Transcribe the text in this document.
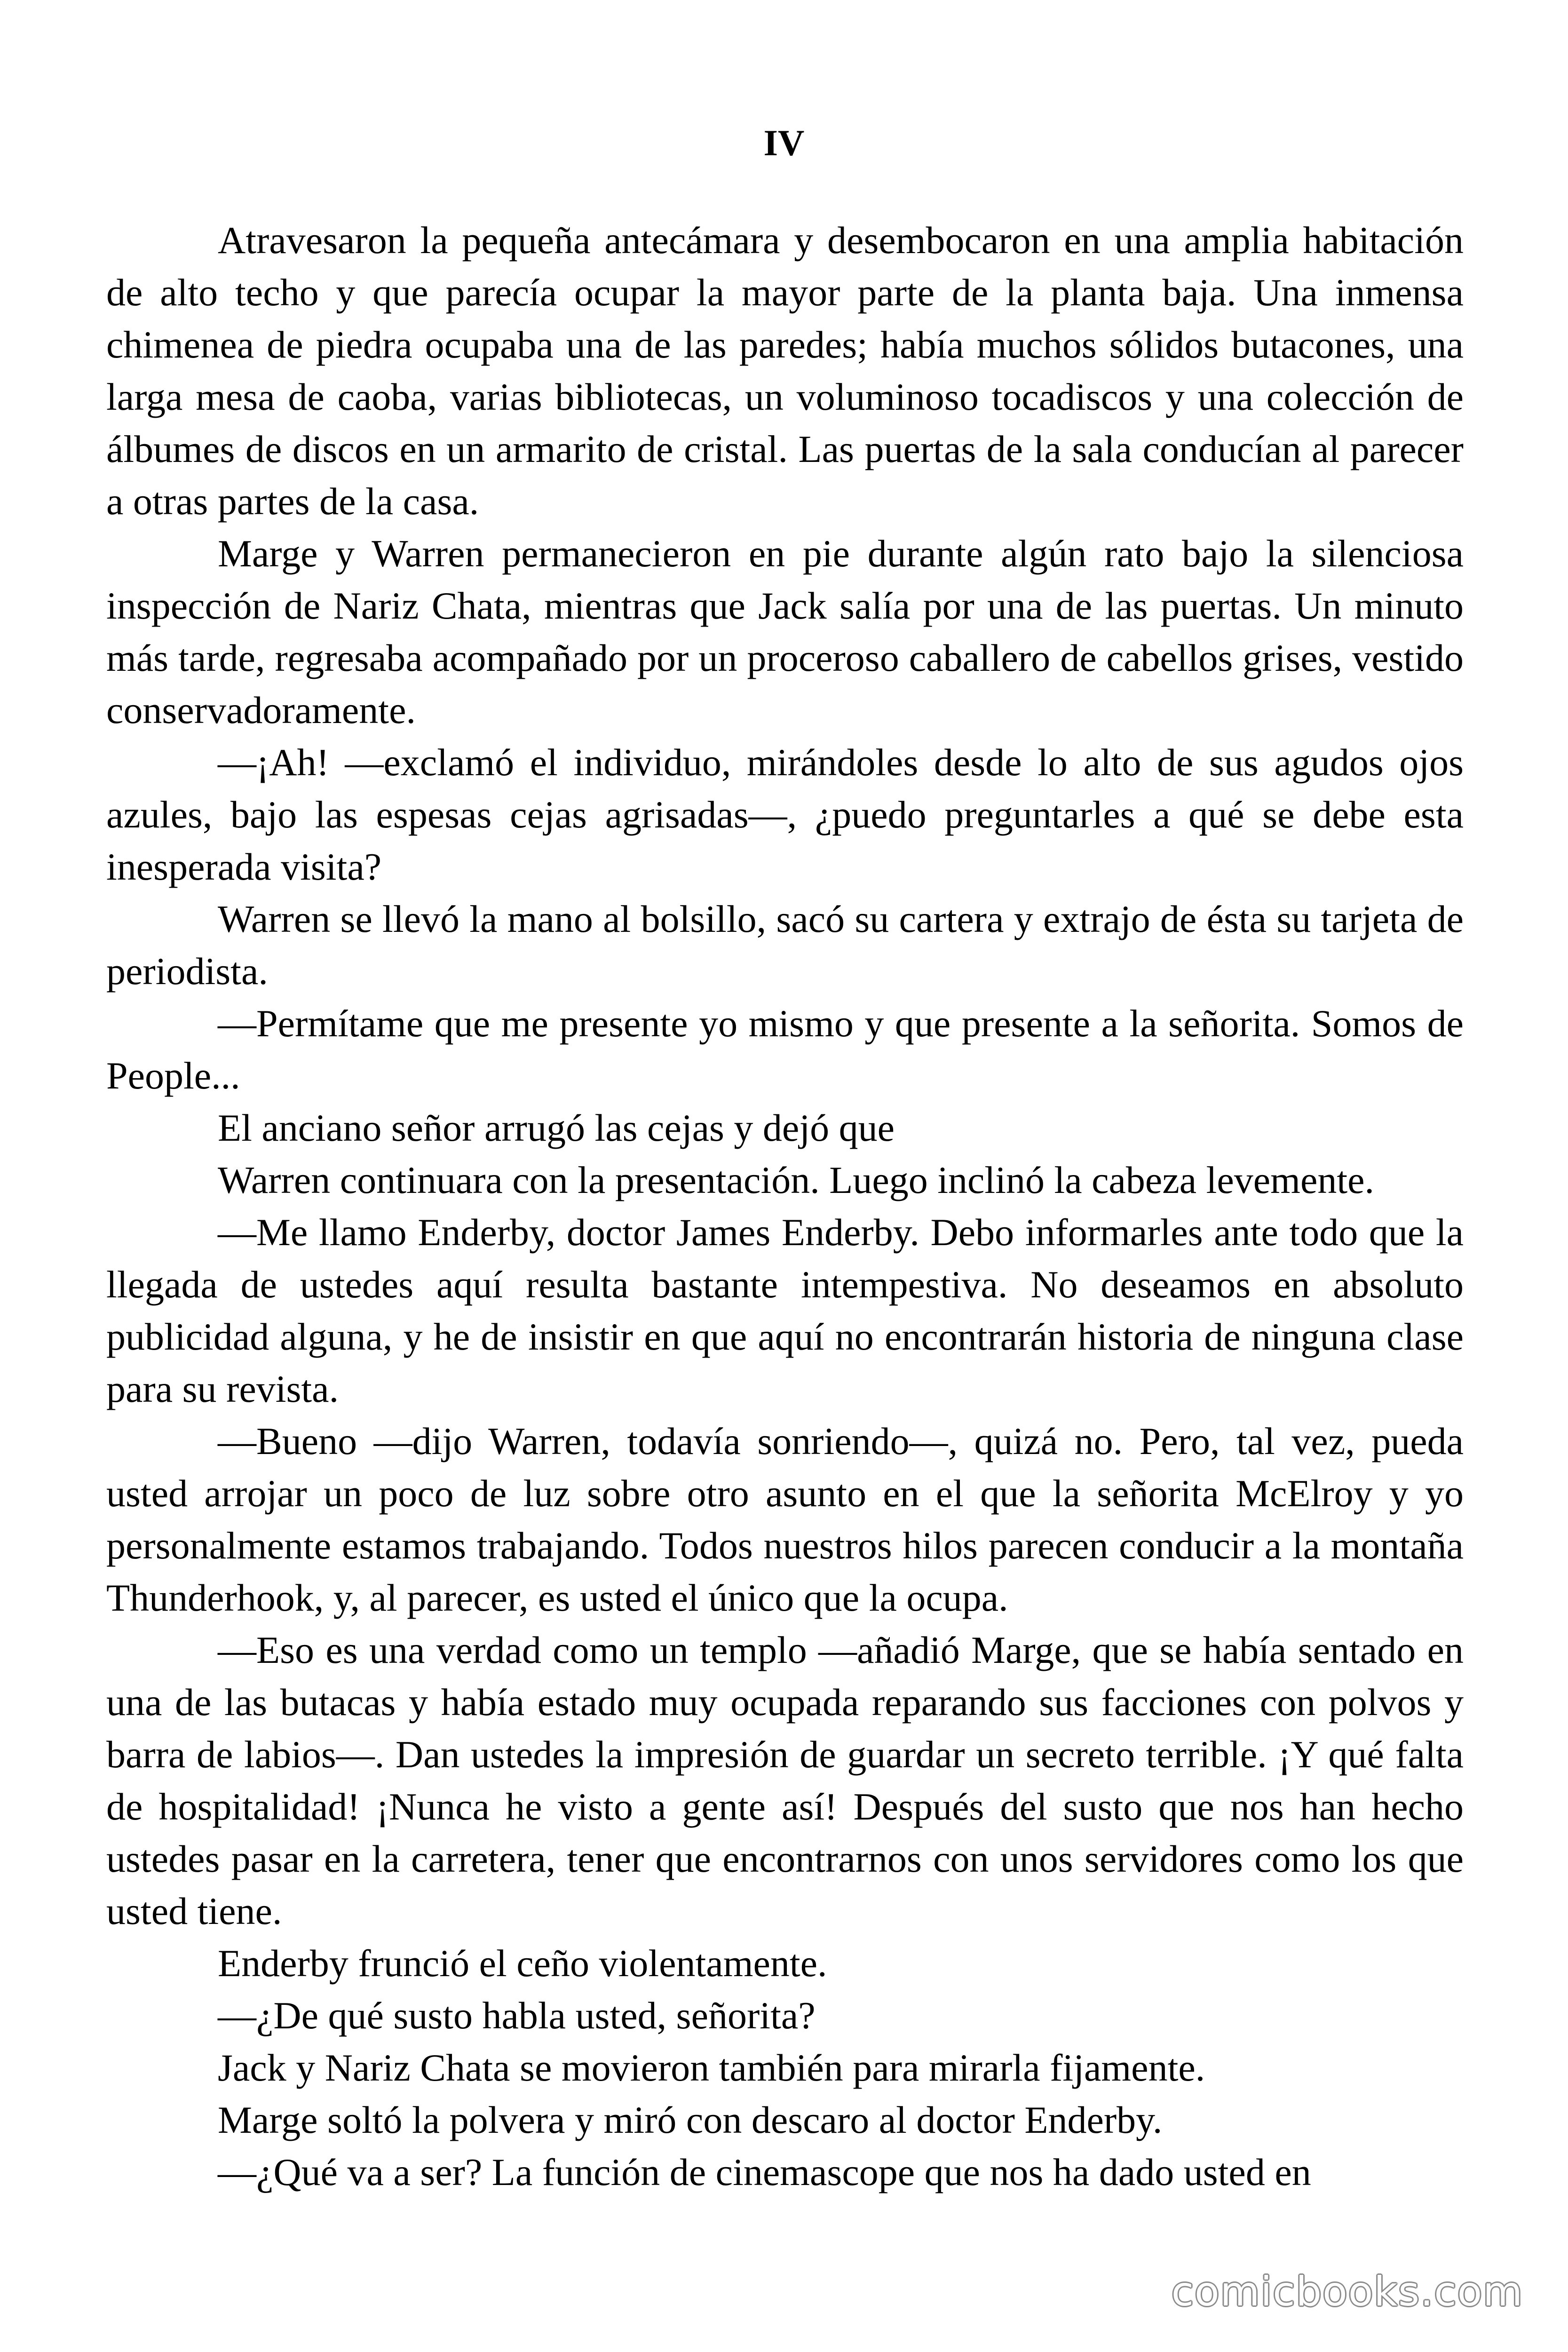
IV

Atravesaron la pequeña antecámara y desembocaron en una amplia habitación de alto techo y que parecía ocupar la mayor parte de la planta baja. Una inmensa chimenea de piedra ocupaba una de las paredes; había muchos sólidos butacones, una larga mesa de caoba, varias bibliotecas, un voluminoso tocadiscos y una colección de álbumes de discos en un armarito de cristal. Las puertas de la sala conducían al parecer a otras partes de la casa.

Marge y Warren permanecieron en pie durante algún rato bajo la silenciosa inspección de Nariz Chata, mientras que Jack salía por una de las puertas. Un minuto más tarde, regresaba acompañado por un proceroso caballero de cabellos grises, vestido conservadoramente.

—¡Ah! —exclamó el individuo, mirándoles desde lo alto de sus agudos ojos azules, bajo las espesas cejas agrisadas—, ¿puedo preguntarles a qué se debe esta inesperada visita?

Warren se llevó la mano al bolsillo, sacó su cartera y extrajo de ésta su tarjeta de periodista.

—Permítame que me presente yo mismo y que presente a la señorita. Somos de People...

El anciano señor arrugó las cejas y dejó que

Warren continuara con la presentación. Luego inclinó la cabeza levemente.

—Me llamo Enderby, doctor James Enderby. Debo informarles ante todo que la llegada de ustedes aquí resulta bastante intempestiva. No deseamos en absoluto publicidad alguna, y he de insistir en que aquí no encontrarán historia de ninguna clase para su revista.

—Bueno —dijo Warren, todavía sonriendo—, quizá no. Pero, tal vez, pueda usted arrojar un poco de luz sobre otro asunto en el que la señorita McElroy y yo personalmente estamos trabajando. Todos nuestros hilos parecen conducir a la montaña Thunderhook, y, al parecer, es usted el único que la ocupa.

—Eso es una verdad como un templo —añadió Marge, que se había sentado en una de las butacas y había estado muy ocupada reparando sus facciones con polvos y barra de labios—. Dan ustedes la impresión de guardar un secreto terrible. ¡Y qué falta de hospitalidad! ¡Nunca he visto a gente así! Después del susto que nos han hecho ustedes pasar en la carretera, tener que encontrarnos con unos servidores como los que usted tiene.

Enderby frunció el ceño violentamente.

—¿De qué susto habla usted, señorita?

Jack y Nariz Chata se movieron también para mirarla fijamente.

Marge soltó la polvera y miró con descaro al doctor Enderby.

—¿Qué va a ser? La función de cinemascope que nos ha dado usted en

comicbooks.com
